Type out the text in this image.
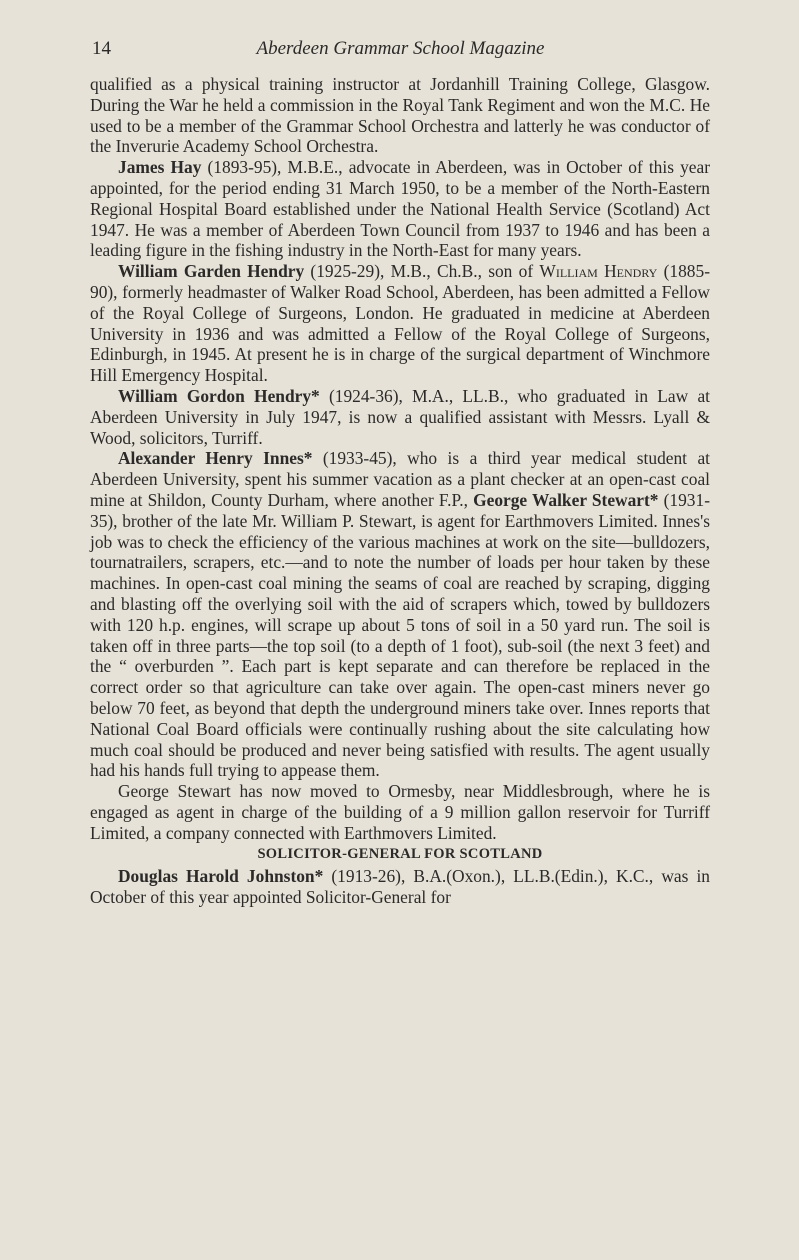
14	Aberdeen Grammar School Magazine

qualified as a physical training instructor at Jordanhill Training College, Glasgow. During the War he held a commission in the Royal Tank Regiment and won the M.C. He used to be a member of the Grammar School Orchestra and latterly he was conductor of the Inverurie Academy School Orchestra.

James Hay (1893-95), M.B.E., advocate in Aberdeen, was in October of this year appointed, for the period ending 31 March 1950, to be a member of the North-Eastern Regional Hospital Board established under the National Health Service (Scotland) Act 1947. He was a member of Aberdeen Town Council from 1937 to 1946 and has been a leading figure in the fishing industry in the North-East for many years.

William Garden Hendry (1925-29), M.B., Ch.B., son of William Hendry (1885-90), formerly headmaster of Walker Road School, Aberdeen, has been admitted a Fellow of the Royal College of Surgeons, London. He graduated in medicine at Aberdeen University in 1936 and was admitted a Fellow of the Royal College of Surgeons, Edinburgh, in 1945. At present he is in charge of the surgical department of Winchmore Hill Emergency Hospital.

William Gordon Hendry* (1924-36), M.A., LL.B., who graduated in Law at Aberdeen University in July 1947, is now a qualified assistant with Messrs. Lyall & Wood, solicitors, Turriff.

Alexander Henry Innes* (1933-45), who is a third year medical student at Aberdeen University, spent his summer vacation as a plant checker at an open-cast coal mine at Shildon, County Durham, where another F.P., George Walker Stewart* (1931-35), brother of the late Mr. William P. Stewart, is agent for Earthmovers Limited. Innes's job was to check the efficiency of the various machines at work on the site—bulldozers, tournatrailers, scrapers, etc.—and to note the number of loads per hour taken by these machines. In open-cast coal mining the seams of coal are reached by scraping, digging and blasting off the overlying soil with the aid of scrapers which, towed by bulldozers with 120 h.p. engines, will scrape up about 5 tons of soil in a 50 yard run. The soil is taken off in three parts—the top soil (to a depth of 1 foot), sub-soil (the next 3 feet) and the “ overburden ”. Each part is kept separate and can therefore be replaced in the correct order so that agriculture can take over again. The open-cast miners never go below 70 feet, as beyond that depth the underground miners take over. Innes reports that National Coal Board officials were continually rushing about the site calculating how much coal should be produced and never being satisfied with results. The agent usually had his hands full trying to appease them.

George Stewart has now moved to Ormesby, near Middlesbrough, where he is engaged as agent in charge of the building of a 9 million gallon reservoir for Turriff Limited, a company connected with Earthmovers Limited.

SOLICITOR-GENERAL FOR SCOTLAND

Douglas Harold Johnston* (1913-26), B.A.(Oxon.), LL.B.(Edin.), K.C., was in October of this year appointed Solicitor-General for
